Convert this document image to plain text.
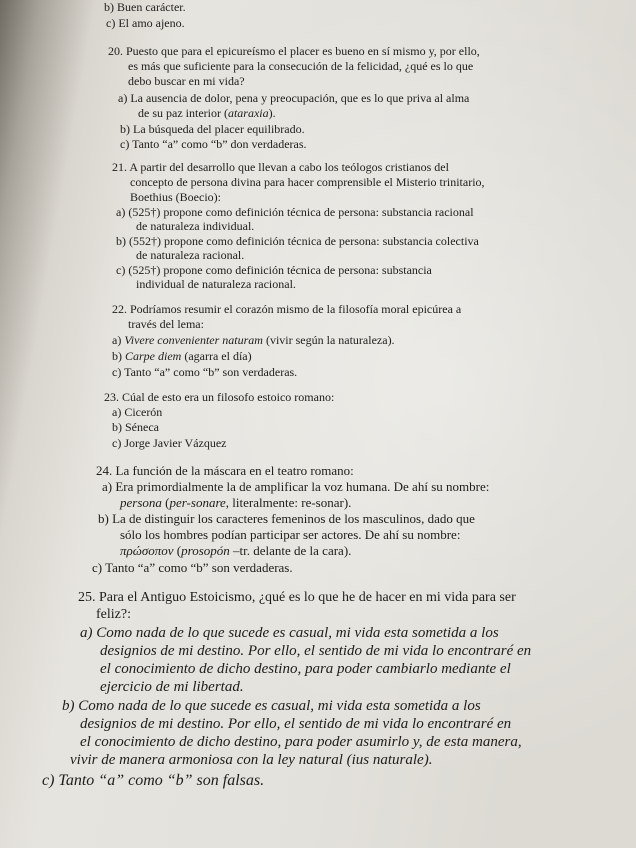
b) Buen carácter.
c) El amo ajeno.
20. Puesto que para el epicureísmo el placer es bueno en sí mismo y, por ello,
es más que suficiente para la consecución de la felicidad, ¿qué es lo que
debo buscar en mi vida?
a) La ausencia de dolor, pena y preocupación, que es lo que priva al alma
de su paz interior (ataraxia).
b) La búsqueda del placer equilibrado.
c) Tanto “a” como “b” don verdaderas.
21. A partir del desarrollo que llevan a cabo los teólogos cristianos del
concepto de persona divina para hacer comprensible el Misterio trinitario,
Boethius (Boecio):
a) (525†) propone como definición técnica de persona: substancia racional
de naturaleza individual.
b) (552†) propone como definición técnica de persona: substancia colectiva
de naturaleza racional.
c) (525†) propone como definición técnica de persona: substancia
individual de naturaleza racional.
22. Podríamos resumir el corazón mismo de la filosofía moral epicúrea a
través del lema:
a) Vivere convenienter naturam (vivir según la naturaleza).
b) Carpe diem (agarra el día)
c) Tanto “a” como “b” son verdaderas.
23. Cúal de esto era un filosofo estoico romano:
a) Cicerón
b) Séneca
c) Jorge Javier Vázquez
24. La función de la máscara en el teatro romano:
a) Era primordialmente la de amplificar la voz humana. De ahí su nombre:
persona (per-sonare, literalmente: re-sonar).
b) La de distinguir los caracteres femeninos de los masculinos, dado que
sólo los hombres podían participar ser actores. De ahí su nombre:
πρώσοπον (prosopón –tr. delante de la cara).
c) Tanto “a” como “b” son verdaderas.
25. Para el Antiguo Estoicismo, ¿qué es lo que he de hacer en mi vida para ser
feliz?:
a) Como nada de lo que sucede es casual, mi vida esta sometida a los
designios de mi destino. Por ello, el sentido de mi vida lo encontraré en
el conocimiento de dicho destino, para poder cambiarlo mediante el
ejercicio de mi libertad.
b) Como nada de lo que sucede es casual, mi vida esta sometida a los
designios de mi destino. Por ello, el sentido de mi vida lo encontraré en
el conocimiento de dicho destino, para poder asumirlo y, de esta manera,
vivir de manera armoniosa con la ley natural (ius naturale).
c) Tanto “a” como “b” son falsas.
